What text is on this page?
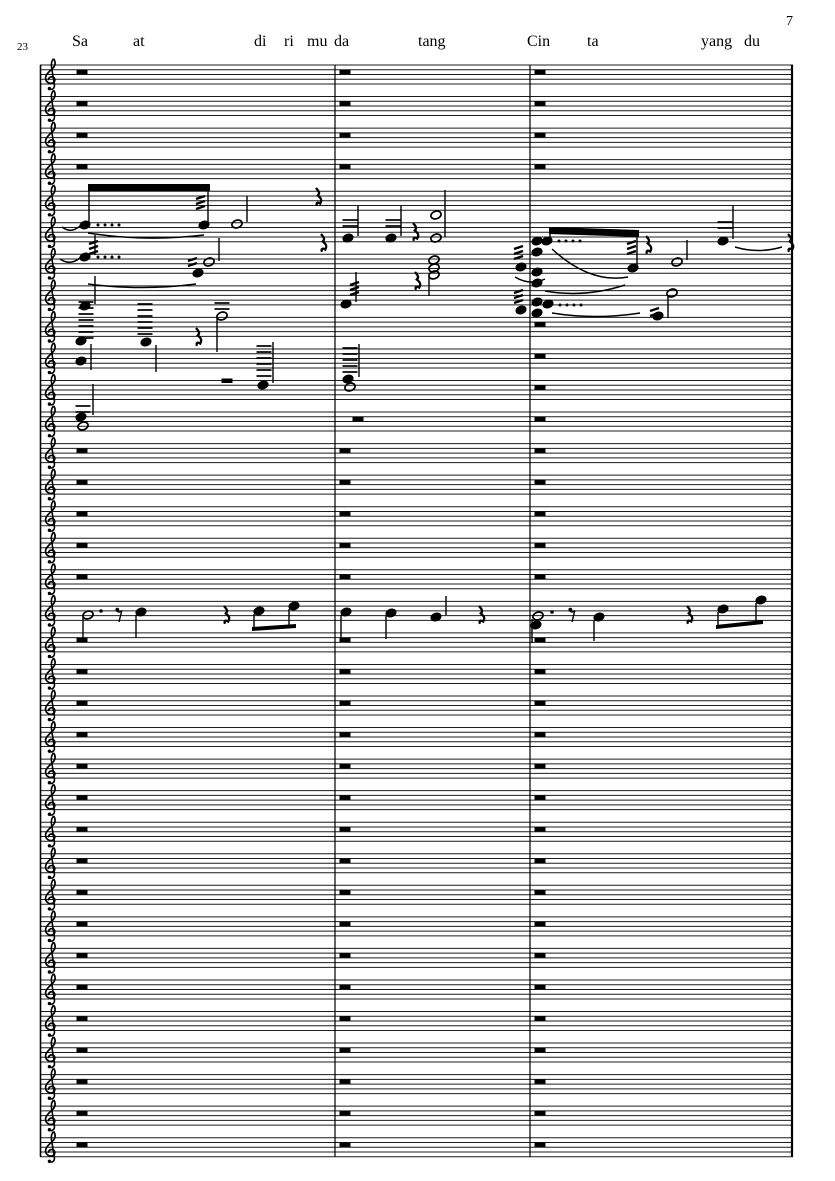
7
23	Sa	at	di ri mu da	tang	Cin ta	yang du
